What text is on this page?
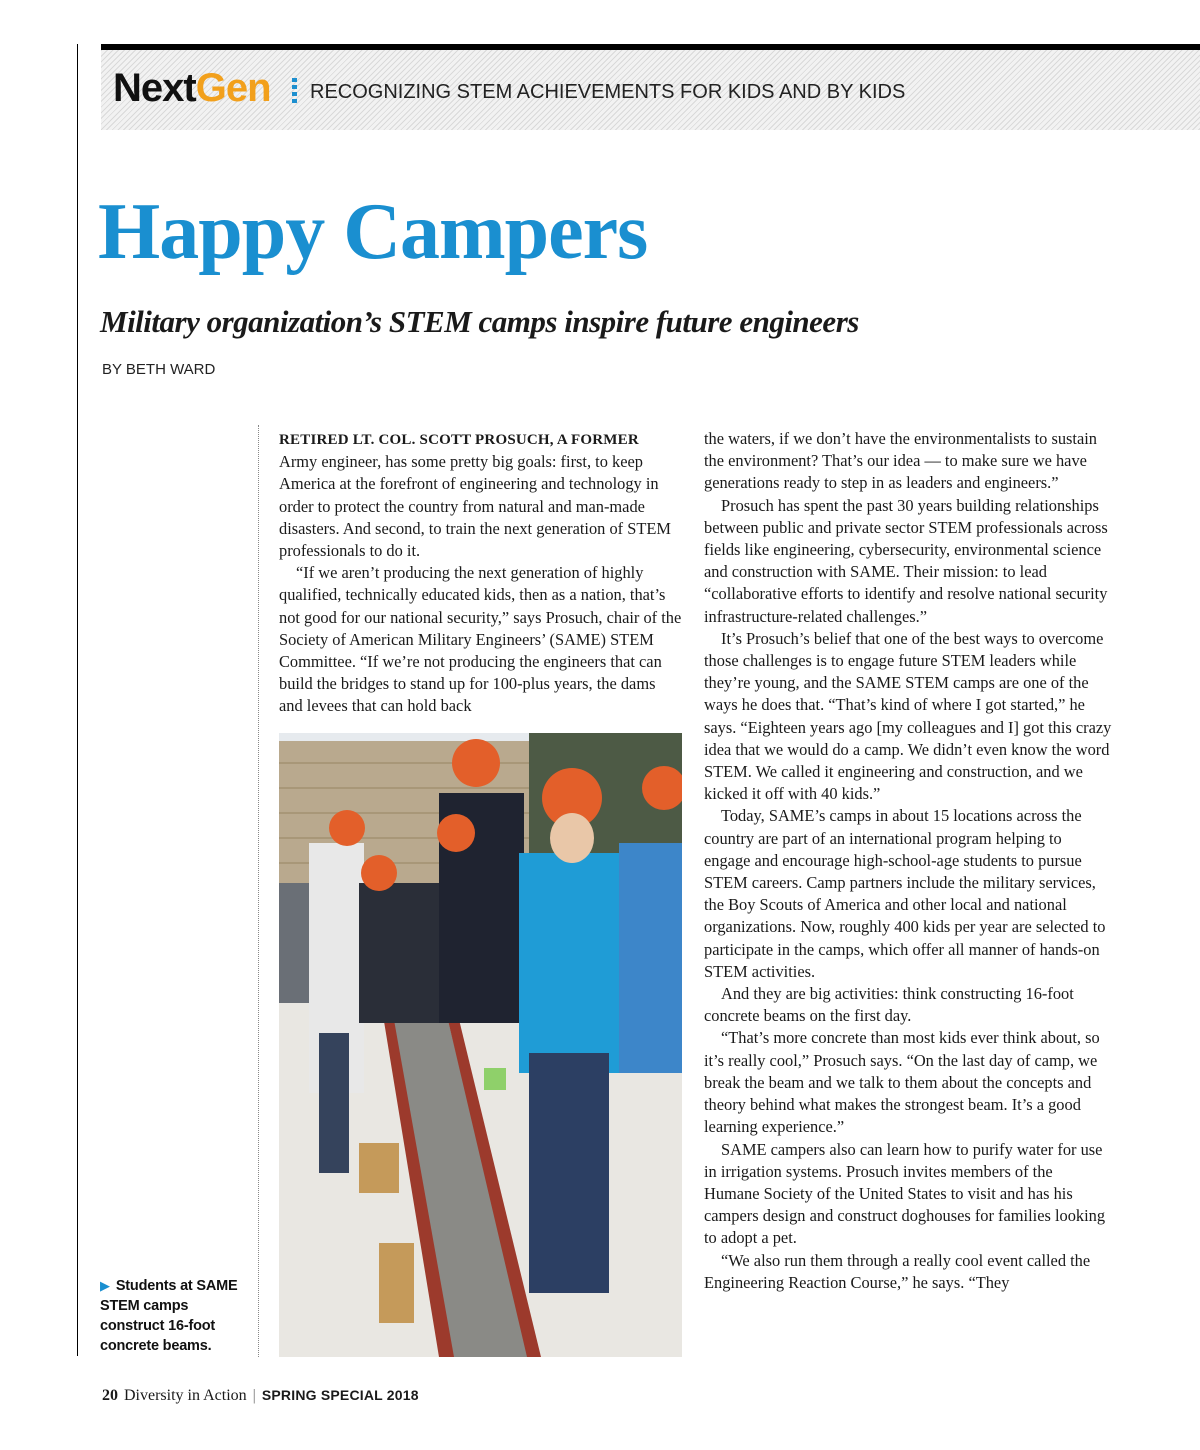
NextGen RECOGNIZING STEM ACHIEVEMENTS FOR KIDS AND BY KIDS
Happy Campers
Military organization’s STEM camps inspire future engineers
BY BETH WARD

RETIRED LT. COL. SCOTT PROSUCH, A FORMER
Army engineer, has some pretty big goals: first, to keep America at the forefront of engineering and technology in order to protect the country from natural and man-made disasters. And second, to train the next generation of STEM professionals to do it.

“If we aren’t producing the next generation of highly qualified, technically educated kids, then as a nation, that’s not good for our national security,” says Prosuch, chair of the Society of American Military Engineers’ (SAME) STEM Committee. “If we’re not producing the engineers that can build the bridges to stand up for 100-plus years, the dams and levees that can hold back

▶ Students at SAME STEM camps construct 16-foot concrete beams.

the waters, if we don’t have the environmentalists to sustain the environment? That’s our idea — to make sure we have generations ready to step in as leaders and engineers.”

Prosuch has spent the past 30 years building relationships between public and private sector STEM professionals across fields like engineering, cybersecurity, environmental science and construction with SAME. Their mission: to lead “collaborative efforts to identify and resolve national security infrastructure-related challenges.”

It’s Prosuch’s belief that one of the best ways to overcome those challenges is to engage future STEM leaders while they’re young, and the SAME STEM camps are one of the ways he does that. “That’s kind of where I got started,” he says. “Eighteen years ago [my colleagues and I] got this crazy idea that we would do a camp. We didn’t even know the word STEM. We called it engineering and construction, and we kicked it off with 40 kids.”

Today, SAME’s camps in about 15 locations across the country are part of an international program helping to engage and encourage high-school-age students to pursue STEM careers. Camp partners include the military services, the Boy Scouts of America and other local and national organizations. Now, roughly 400 kids per year are selected to participate in the camps, which offer all manner of hands-on STEM activities.

And they are big activities: think constructing 16-foot concrete beams on the first day.

“That’s more concrete than most kids ever think about, so it’s really cool,” Prosuch says. “On the last day of camp, we break the beam and we talk to them about the concepts and theory behind what makes the strongest beam. It’s a good learning experience.”

SAME campers also can learn how to purify water for use in irrigation systems. Prosuch invites members of the Humane Society of the United States to visit and has his campers design and construct doghouses for families looking to adopt a pet.

“We also run them through a really cool event called the Engineering Reaction Course,” he says. “They

20 Diversity in Action | SPRING SPECIAL 2018
